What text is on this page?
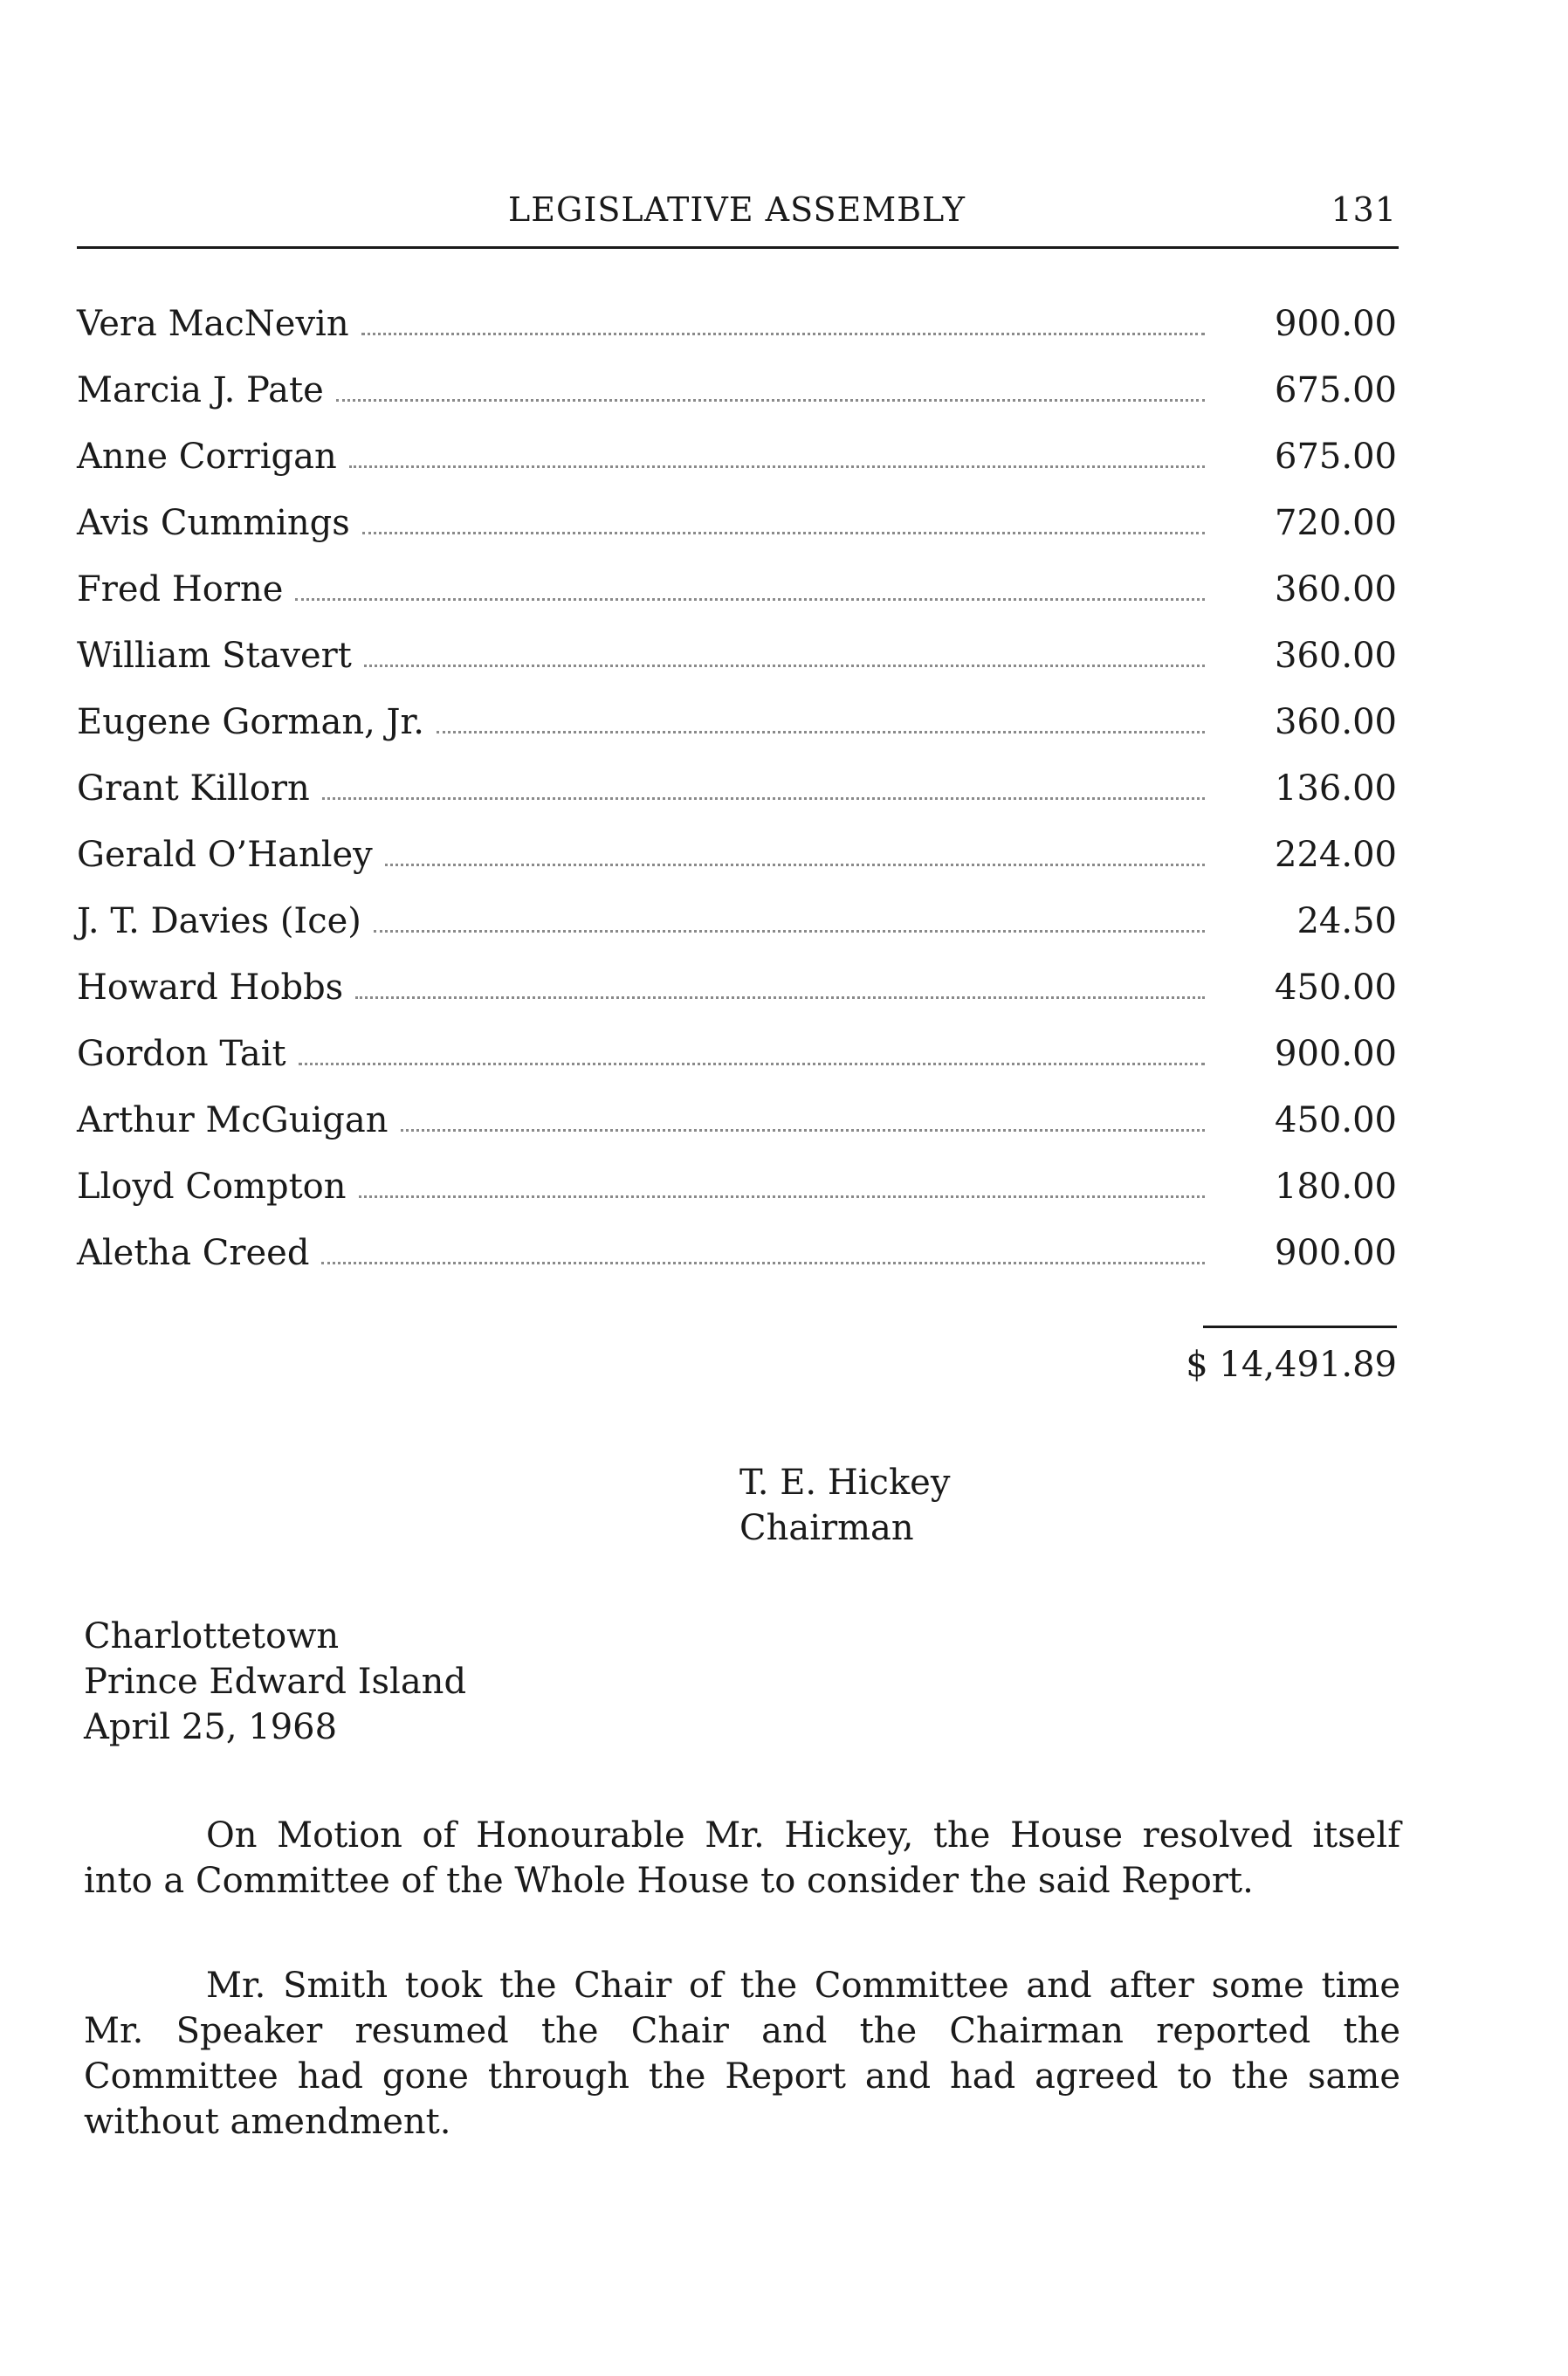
LEGISLATIVE ASSEMBLY	131
Vera MacNevin	900.00
Marcia J. Pate	675.00
Anne Corrigan	675.00
Avis Cummings	720.00
Fred Horne	360.00
William Stavert	360.00
Eugene Gorman, Jr.	360.00
Grant Killorn	136.00
Gerald O’Hanley	224.00
J. T. Davies (Ice)	24.50
Howard Hobbs	450.00
Gordon Tait	900.00
Arthur McGuigan	450.00
Lloyd Compton	180.00
Aletha Creed	900.00
$ 14,491.89
T. E. Hickey
Chairman
Charlottetown
Prince Edward Island
April 25, 1968
On Motion of Honourable Mr. Hickey, the House resolved itself into a Committee of the Whole House to consider the said Report.
Mr. Smith took the Chair of the Committee and after some time Mr. Speaker resumed the Chair and the Chairman reported the Committee had gone through the Report and had agreed to the same without amendment.
